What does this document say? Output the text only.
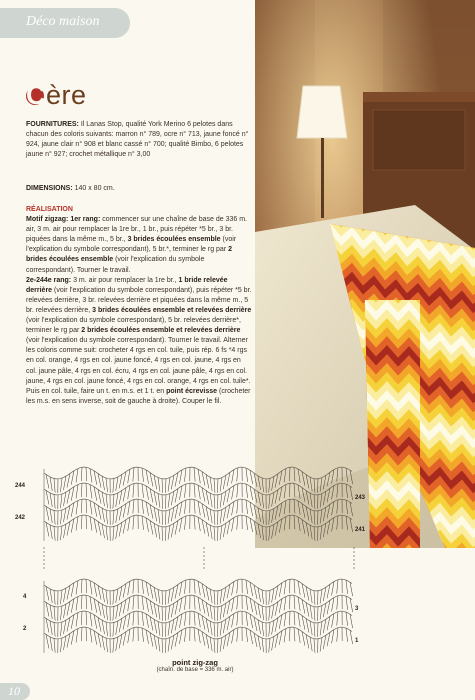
Déco maison
Cère
FOURNITURES: Il Lanas Stop, qualité York Merino 6 pelotes dans chacun des coloris suivants: marron n° 789, ocre n° 713, jaune foncé n° 924, jaune clair n° 908 et blanc cassé n° 700; qualité Bimbo, 6 pelotes jaune n° 927; crochet métallique n° 3,00
DIMENSIONS: 140 x 80 cm.
RÉALISATION
Motif zigzag: 1er rang: commencer sur une chaîne de base de 336 m. air, 3 m. air pour remplacer la 1re br., 1 br., puis répéter *5 br., 3 br. piquées dans la même m., 5 br., 3 brides écoulées ensemble (voir l'explication du symbole correspondant), 5 br.*, terminer le rg par 2 brides écoulées ensemble (voir l'explication du symbole correspondant). Tourner le travail.
2e-244e rang: 3 m. air pour remplacer la 1re br., 1 bride relevée derrière (voir l'explication du symbole correspondant), puis répéter *5 br. relevées derrière, 3 br. relevées derrière et piquées dans la même m., 5 br. relevées derrière, 3 brides écoulées ensemble et relevées derrière (voir l'explication du symbole correspondant), 5 br. relevées derrière*, terminer le rg par 2 brides écoulées ensemble et relevées derrière (voir l'explication du symbole correspondant). Tourner le travail. Alterner les coloris comme suit: crocheter 4 rgs en col. tuile, puis rép. 6 fs *4 rgs en col. orange, 4 rgs en col. jaune foncé, 4 rgs en col. jaune, 4 rgs en col. jaune pâle, 4 rgs en col. écru, 4 rgs en col. jaune pâle, 4 rgs en col. jaune, 4 rgs en col. jaune foncé, 4 rgs en col. orange, 4 rgs en col. tuile*. Puis en col. tuile, faire un t. en m.s. et 1 t. en point écrevisse (crocheter les m.s. en sens inverse, soit de gauche à droite). Couper le fil.
244
242
4
2
243
241
3
1
point zig-zag
(chaîn. de base = 336 m. air)
10
